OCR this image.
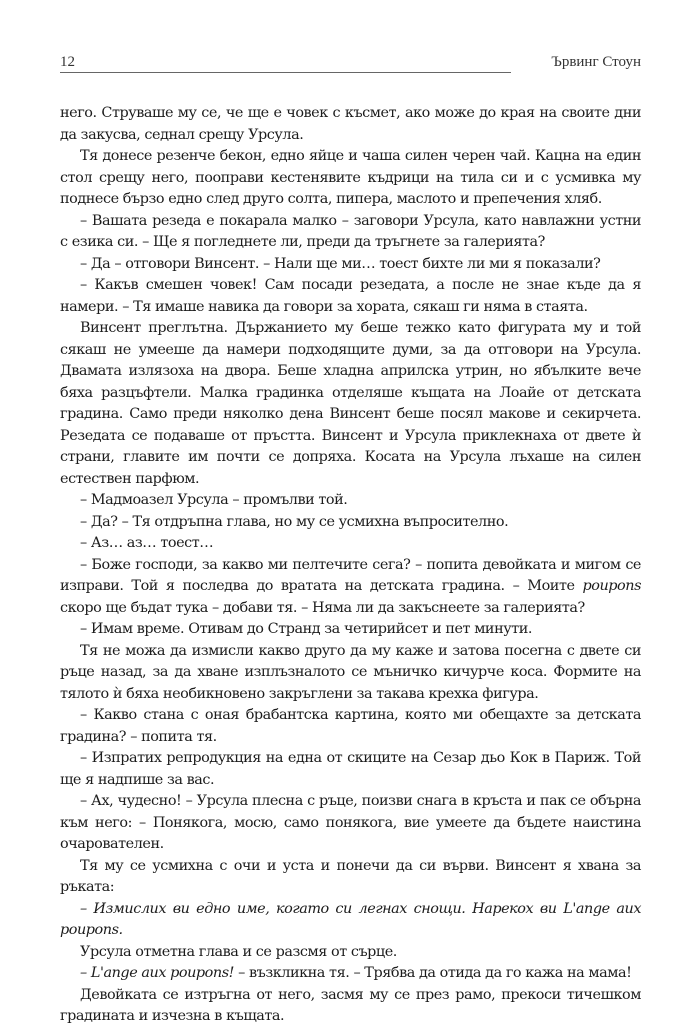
12	Ървинг Стоун

него. Струваше му се, че ще е човек с късмет, ако може до края на своите дни да закусва, седнал срещу Урсула.

Тя донесе резенче бекон, едно яйце и чаша силен черен чай. Кацна на един стол срещу него, пооправи кестенявите къдрици на тила си и с усмивка му поднесе бързо едно след друго солта, пипера, маслото и препечения хляб.

– Вашата резеда е покарала малко – заговори Урсула, като навлажни устни с езика си. – Ще я погледнете ли, преди да тръгнете за галерията?

– Да – отговори Винсент. – Нали ще ми… тоест бихте ли ми я показали?

– Какъв смешен човек! Сам посади резедата, а после не знае къде да я намери. – Тя имаше навика да говори за хората, сякаш ги няма в стаята.

Винсент преглътна. Държанието му беше тежко като фигурата му и той сякаш не умееше да намери подходящите думи, за да отговори на Урсула. Двамата излязоха на двора. Беше хладна априлска утрин, но ябълките вече бяха разцъфтели. Малка градинка отделяше къщата на Лоайе от детската градина. Само преди няколко дена Винсент беше посял макове и секирчета. Резедата се подаваше от пръстта. Винсент и Урсула приклекнаха от двете ѝ страни, главите им почти се допряха. Косата на Урсула лъхаше на силен естествен парфюм.

– Мадмоазел Урсула – промълви той.

– Да? – Тя отдръпна глава, но му се усмихна въпросително.

– Аз… аз… тоест…

– Боже господи, за какво ми пелтечите сега? – попита девойката и мигом се изправи. Той я последва до вратата на детската градина. – Моите poupons скоро ще бъдат тука – добави тя. – Няма ли да закъснеете за галерията?

– Имам време. Отивам до Странд за четирийсет и пет минути.

Тя не можа да измисли какво друго да му каже и затова посегна с двете си ръце назад, за да хване изплъзналото се мъничко кичурче коса. Формите на тялото ѝ бяха необикновено закръглени за такава крехка фигура.

– Какво стана с оная брабантска картина, която ми обещахте за детската градина? – попита тя.

– Изпратих репродукция на една от скиците на Сезар дьо Кок в Париж. Той ще я надпише за вас.

– Ах, чудесно! – Урсула плесна с ръце, поизви снага в кръста и пак се обърна към него: – Понякога, мосю, само понякога, вие умеете да бъдете наистина очарователен.

Тя му се усмихна с очи и уста и понечи да си върви. Винсент я хвана за ръката:

– Измислих ви едно име, когато си легнах снощи. Нарекох ви L'ange aux poupons.

Урсула отметна глава и се разсмя от сърце.

– L'ange aux poupons! – възкликна тя. – Трябва да отида да го кажа на мама!

Девойката се изтръгна от него, засмя му се през рамо, прекоси тичешком градината и изчезна в къщата.
